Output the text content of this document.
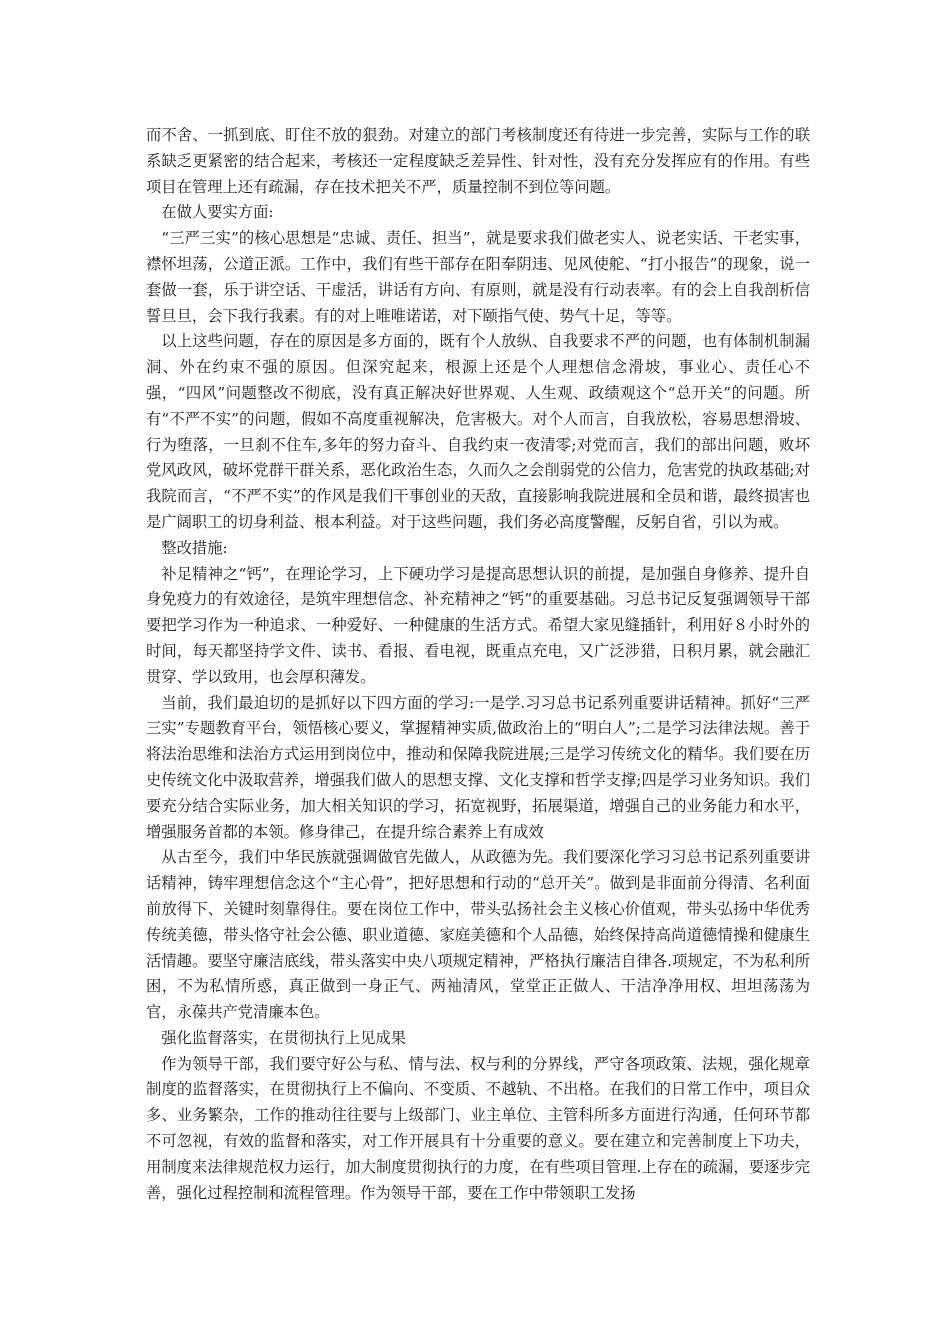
而不舍、一抓到底、盯住不放的狠劲。对建立的部门考核制度还有待进一步完善，实际与工作的联系缺乏更紧密的结合起来，考核还一定程度缺乏差异性、针对性，没有充分发挥应有的作用。有些项目在管理上还有疏漏，存在技术把关不严，质量控制不到位等问题。

在做人要实方面:

“三严三实”的核心思想是“忠诚、责任、担当”，就是要求我们做老实人、说老实话、干老实事，襟怀坦荡，公道正派。工作中，我们有些干部存在阳奉阴违、见风使舵、“打小报告”的现象，说一套做一套，乐于讲空话、干虚活，讲话有方向、有原则，就是没有行动表率。有的会上自我剖析信誓旦旦，会下我行我素。有的对上唯唯诺诺，对下颐指气使、势气十足，等等。

以上这些问题，存在的原因是多方面的，既有个人放纵、自我要求不严的问题，也有体制机制漏洞、外在约束不强的原因。但深究起来，根源上还是个人理想信念滑坡，事业心、责任心不强，“四风”问题整改不彻底，没有真正解决好世界观、人生观、政绩观这个“总开关”的问题。所有“不严不实”的问题，假如不高度重视解决，危害极大。对个人而言，自我放松，容易思想滑坡、行为堕落，一旦刹不住车,多年的努力奋斗、自我约束一夜清零;对党而言，我们的部出问题，败坏党风政风，破坏党群干群关系，恶化政治生态，久而久之会削弱党的公信力，危害党的执政基础;对我院而言，“不严不实”的作风是我们干事创业的天敌，直接影响我院进展和全员和谐，最终损害也是广阔职工的切身利益、根本利益。对于这些问题，我们务必高度警醒，反躬自省，引以为戒。

整改措施:

补足精神之“钙”，在理论学习，上下硬功学习是提高思想认识的前提，是加强自身修养、提升自身免疫力的有效途径，是筑牢理想信念、补充精神之“钙”的重要基础。习总书记反复强调领导干部要把学习作为一种追求、一种爱好、一种健康的生活方式。希望大家见缝插针，利用好８小时外的时间，每天都坚持学文件、读书、看报、看电视，既重点充电，又广泛涉猎，日积月累，就会融汇贯穿、学以致用，也会厚积薄发。

当前，我们最迫切的是抓好以下四方面的学习:一是学.习习总书记系列重要讲话精神。抓好“三严三实”专题教育平台，领悟核心要义，掌握精神实质,做政治上的“明白人”;二是学习法律法规。善于将法治思维和法治方式运用到岗位中，推动和保障我院进展;三是学习传统文化的精华。我们要在历史传统文化中汲取营养，增强我们做人的思想支撑、文化支撑和哲学支撑;四是学习业务知识。我们要充分结合实际业务，加大相关知识的学习，拓宽视野，拓展渠道，增强自己的业务能力和水平，增强服务首都的本领。修身律己，在提升综合素养上有成效

从古至今，我们中华民族就强调做官先做人，从政德为先。我们要深化学习习总书记系列重要讲话精神，铸牢理想信念这个“主心骨”，把好思想和行动的“总开关”。做到是非面前分得清、名利面前放得下、关键时刻靠得住。要在岗位工作中，带头弘扬社会主义核心价值观，带头弘扬中华优秀传统美德，带头恪守社会公德、职业道德、家庭美德和个人品德，始终保持高尚道德情操和健康生活情趣。要坚守廉洁底线，带头落实中央八项规定精神，严格执行廉洁自律各.项规定，不为私利所困，不为私情所惑，真正做到一身正气、两袖清风，堂堂正正做人、干洁净净用权、坦坦荡荡为官，永葆共产党清廉本色。

强化监督落实，在贯彻执行上见成果

作为领导干部，我们要守好公与私、情与法、权与利的分界线，严守各项政策、法规，强化规章制度的监督落实，在贯彻执行上不偏向、不变质、不越轨、不出格。在我们的日常工作中，项目众多、业务繁杂，工作的推动往往要与上级部门、业主单位、主管科所多方面进行沟通，任何环节都不可忽视，有效的监督和落实，对工作开展具有十分重要的意义。要在建立和完善制度上下功夫，用制度来法律规范权力运行，加大制度贯彻执行的力度，在有些项目管理.上存在的疏漏，要逐步完善，强化过程控制和流程管理。作为领导干部，要在工作中带领职工发扬
